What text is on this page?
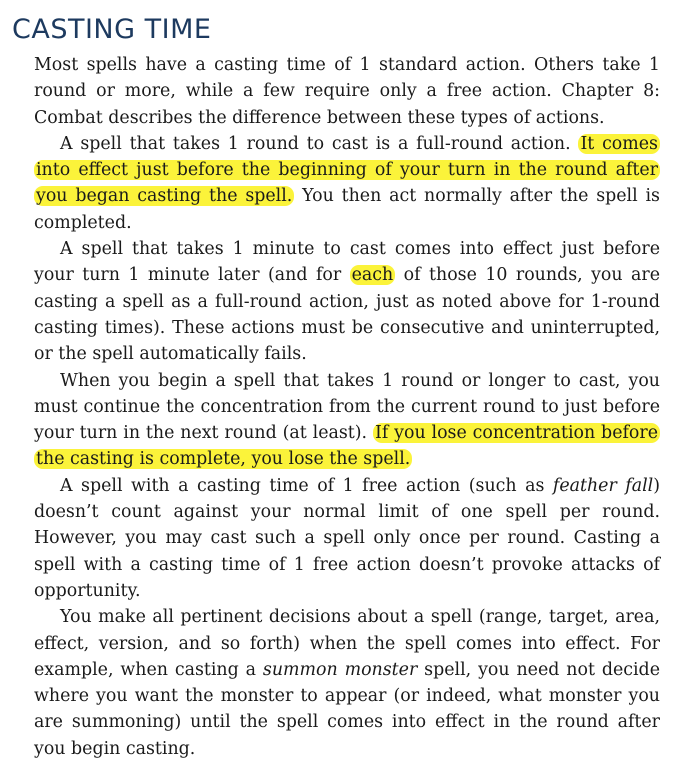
CASTING TIME

Most spells have a casting time of 1 standard action. Others take 1 round or more, while a few require only a free action. Chapter 8: Combat describes the difference between these types of actions.

A spell that takes 1 round to cast is a full-round action. It comes into effect just before the beginning of your turn in the round after you began casting the spell. You then act normally after the spell is completed.

A spell that takes 1 minute to cast comes into effect just before your turn 1 minute later (and for each of those 10 rounds, you are casting a spell as a full-round action, just as noted above for 1-round casting times). These actions must be consecutive and uninterrupted, or the spell automatically fails.

When you begin a spell that takes 1 round or longer to cast, you must continue the concentration from the current round to just before your turn in the next round (at least). If you lose concentration before the casting is complete, you lose the spell.

A spell with a casting time of 1 free action (such as feather fall) doesn’t count against your normal limit of one spell per round. However, you may cast such a spell only once per round. Casting a spell with a casting time of 1 free action doesn’t provoke attacks of opportunity.

You make all pertinent decisions about a spell (range, target, area, effect, version, and so forth) when the spell comes into effect. For example, when casting a summon monster spell, you need not decide where you want the monster to appear (or indeed, what monster you are summoning) until the spell comes into effect in the round after you begin casting.
